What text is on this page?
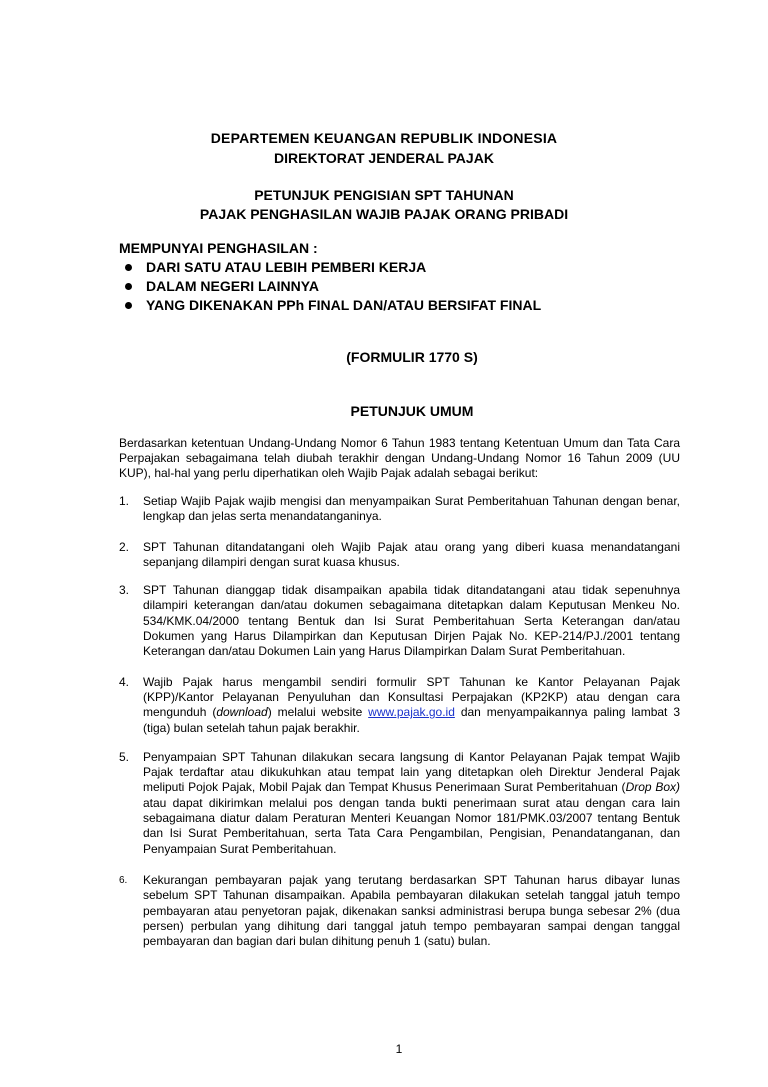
DEPARTEMEN KEUANGAN REPUBLIK INDONESIA
DIREKTORAT JENDERAL PAJAK
PETUNJUK PENGISIAN SPT TAHUNAN
PAJAK PENGHASILAN WAJIB PAJAK ORANG PRIBADI
MEMPUNYAI PENGHASILAN :
DARI SATU ATAU LEBIH PEMBERI KERJA
DALAM NEGERI LAINNYA
YANG DIKENAKAN PPh FINAL DAN/ATAU BERSIFAT FINAL
(FORMULIR 1770 S)
PETUNJUK UMUM
Berdasarkan ketentuan Undang-Undang Nomor 6 Tahun 1983 tentang Ketentuan Umum dan Tata Cara Perpajakan sebagaimana telah diubah terakhir dengan Undang-Undang Nomor 16 Tahun 2009 (UU KUP), hal-hal yang perlu diperhatikan oleh Wajib Pajak adalah sebagai berikut:
1. Setiap Wajib Pajak wajib mengisi dan menyampaikan Surat Pemberitahuan Tahunan dengan benar, lengkap dan jelas serta menandatanganinya.
2. SPT Tahunan ditandatangani oleh Wajib Pajak atau orang yang diberi kuasa menandatangani sepanjang dilampiri dengan surat kuasa khusus.
3. SPT Tahunan dianggap tidak disampaikan apabila tidak ditandatangani atau tidak sepenuhnya dilampiri keterangan dan/atau dokumen sebagaimana ditetapkan dalam Keputusan Menkeu No. 534/KMK.04/2000 tentang Bentuk dan Isi Surat Pemberitahuan Serta Keterangan dan/atau Dokumen yang Harus Dilampirkan dan Keputusan Dirjen Pajak No. KEP-214/PJ./2001 tentang Keterangan dan/atau Dokumen Lain yang Harus Dilampirkan Dalam Surat Pemberitahuan.
4. Wajib Pajak harus mengambil sendiri formulir SPT Tahunan ke Kantor Pelayanan Pajak (KPP)/Kantor Pelayanan Penyuluhan dan Konsultasi Perpajakan (KP2KP) atau dengan cara mengunduh (download) melalui website www.pajak.go.id dan menyampaikannya paling lambat 3 (tiga) bulan setelah tahun pajak berakhir.
5. Penyampaian SPT Tahunan dilakukan secara langsung di Kantor Pelayanan Pajak tempat Wajib Pajak terdaftar atau dikukuhkan atau tempat lain yang ditetapkan oleh Direktur Jenderal Pajak meliputi Pojok Pajak, Mobil Pajak dan Tempat Khusus Penerimaan Surat Pemberitahuan (Drop Box) atau dapat dikirimkan melalui pos dengan tanda bukti penerimaan surat atau dengan cara lain sebagaimana diatur dalam Peraturan Menteri Keuangan Nomor 181/PMK.03/2007 tentang Bentuk dan Isi Surat Pemberitahuan, serta Tata Cara Pengambilan, Pengisian, Penandatanganan, dan Penyampaian Surat Pemberitahuan.
6. Kekurangan pembayaran pajak yang terutang berdasarkan SPT Tahunan harus dibayar lunas sebelum SPT Tahunan disampaikan. Apabila pembayaran dilakukan setelah tanggal jatuh tempo pembayaran atau penyetoran pajak, dikenakan sanksi administrasi berupa bunga sebesar 2% (dua persen) perbulan yang dihitung dari tanggal jatuh tempo pembayaran sampai dengan tanggal pembayaran dan bagian dari bulan dihitung penuh 1 (satu) bulan.
1
